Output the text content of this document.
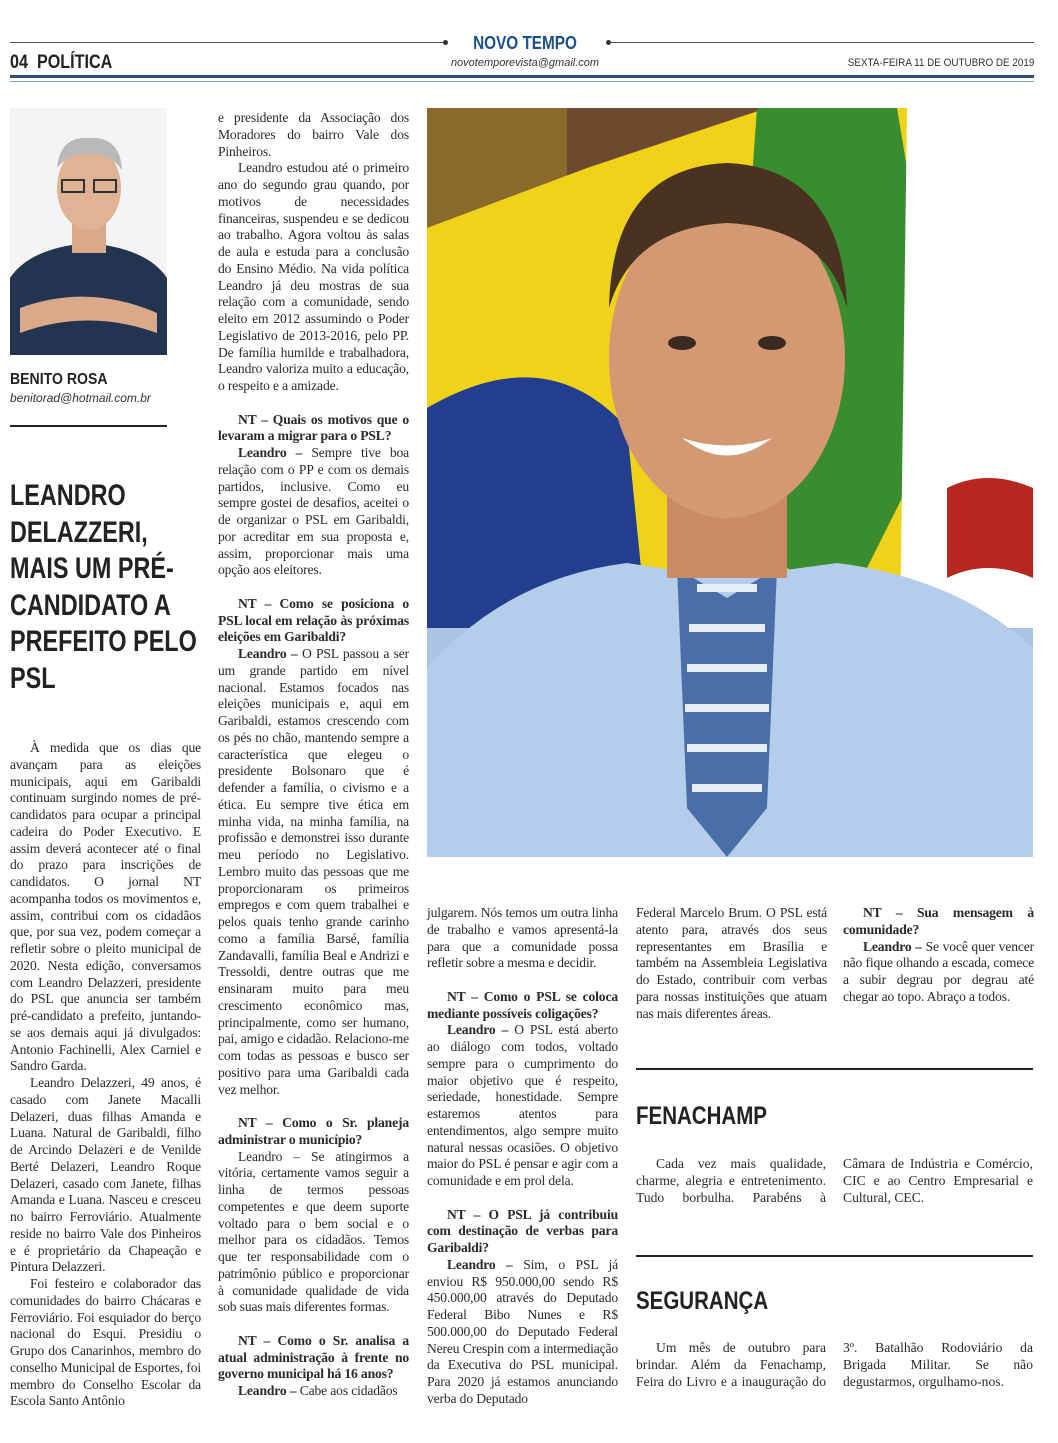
NOVO TEMPO
novotemporevista@gmail.com
04  POLÍTICA	SEXTA-FEIRA 11 DE OUTUBRO DE 2019
BENITO ROSA
benitorad@hotmail.com.br
LEANDRO DELAZZERI, MAIS UM PRÉ-CANDIDATO A PREFEITO PELO PSL

À medida que os dias que avançam para as eleições municipais, aqui em Garibaldi continuam surgindo nomes de pré-candidatos para ocupar a principal cadeira do Poder Executivo. E assim deverá acontecer até o final do prazo para inscrições de candidatos. O jornal NT acompanha todos os movimentos e, assim, contribui com os cidadãos que, por sua vez, podem começar a refletir sobre o pleito municipal de 2020. Nesta edição, conversamos com Leandro Delazzeri, presidente do PSL que anuncia ser também pré-candidato a prefeito, juntando-se aos demais aqui já divulgados: Antonio Fachinelli, Alex Carniel e Sandro Garda.

Leandro Delazzeri, 49 anos, é casado com Janete Macalli Delazeri, duas filhas Amanda e Luana. Natural de Garibaldi, filho de Arcindo Delazeri e de Venilde Berté Delazeri, Leandro Roque Delazeri, casado com Janete, filhas Amanda e Luana. Nasceu e cresceu no bairro Ferroviário. Atualmente reside no bairro Vale dos Pinheiros e é proprietário da Chapeação e Pintura Delazzeri.

Foi festeiro e colaborador das comunidades do bairro Chácaras e Ferroviário. Foi esquiador do berço nacional do Esqui. Presidiu o Grupo dos Canarinhos, membro do conselho Municipal de Esportes, foi membro do Conselho Escolar da Escola Santo Antônio

e presidente da Associação dos Moradores do bairro Vale dos Pinheiros.

Leandro estudou até o primeiro ano do segundo grau quando, por motivos de necessidades financeiras, suspendeu e se dedicou ao trabalho. Agora voltou às salas de aula e estuda para a conclusão do Ensino Médio. Na vida política Leandro já deu mostras de sua relação com a comunidade, sendo eleito em 2012 assumindo o Poder Legislativo de 2013-2016, pelo PP. De família humilde e trabalhadora, Leandro valoriza muito a educação, o respeito e a amizade.

NT – Quais os motivos que o levaram a migrar para o PSL?

Leandro – Sempre tive boa relação com o PP e com os demais partidos, inclusive. Como eu sempre gostei de desafios, aceitei o de organizar o PSL em Garibaldi, por acreditar em sua proposta e, assim, proporcionar mais uma opção aos eleitores.

NT – Como se posiciona o PSL local em relação às próximas eleições em Garibaldi?

Leandro – O PSL passou a ser um grande partido em nível nacional. Estamos focados nas eleições municipais e, aqui em Garibaldi, estamos crescendo com os pés no chão, mantendo sempre a característica que elegeu o presidente Bolsonaro que é defender a família, o civismo e a ética. Eu sempre tive ética em minha vida, na minha família, na profissão e demonstrei isso durante meu período no Legislativo. Lembro muito das pessoas que me proporcionaram os primeiros empregos e com quem trabalhei e pelos quais tenho grande carinho como a família Barsé, família Zandavalli, família Beal e Andrizi e Tressoldi, dentre outras que me ensinaram muito para meu crescimento econômico mas, principalmente, como ser humano, pai, amigo e cidadão. Relaciono-me com todas as pessoas e busco ser positivo para uma Garibaldi cada vez melhor.

NT – Como o Sr. planeja administrar o município?

Leandro – Se atingirmos a vitória, certamente vamos seguir a linha de termos pessoas competentes e que deem suporte voltado para o bem social e o melhor para os cidadãos. Temos que ter responsabilidade com o patrimônio público e proporcionar à comunidade qualidade de vida sob suas mais diferentes formas.

NT – Como o Sr. analisa a atual administração à frente no governo municipal há 16 anos?

Leandro – Cabe aos cidadãos

julgarem. Nós temos um outra linha de trabalho e vamos apresentá-la para que a comunidade possa refletir sobre a mesma e decidir.

NT – Como o PSL se coloca mediante possíveis coligações?

Leandro – O PSL está aberto ao diálogo com todos, voltado sempre para o cumprimento do maior objetivo que é respeito, seriedade, honestidade. Sempre estaremos atentos para entendimentos, algo sempre muito natural nessas ocasiões. O objetivo maior do PSL é pensar e agir com a comunidade e em prol dela.

NT – O PSL já contribuiu com destinação de verbas para Garibaldi?

Leandro – Sim, o PSL já enviou R$ 950.000,00 sendo R$ 450.000,00 através do Deputado Federal Bibo Nunes e R$ 500.000,00 do Deputado Federal Nereu Crespin com a intermediação da Executiva do PSL municipal. Para 2020 já estamos anunciando verba do Deputado

Federal Marcelo Brum. O PSL está atento para, através dos seus representantes em Brasília e também na Assembleia Legislativa do Estado, contribuir com verbas para nossas instituições que atuam nas mais diferentes áreas.

NT – Sua mensagem à comunidade?

Leandro – Se você quer vencer não fique olhando a escada, comece a subir degrau por degrau até chegar ao topo. Abraço a todos.

FENACHAMP

Cada vez mais qualidade, charme, alegria e entretenimento. Tudo borbulha. Parabéns à Câmara de Indústria e Comércio, CIC e ao Centro Empresarial e Cultural, CEC.

SEGURANÇA

Um mês de outubro para brindar. Além da Fenachamp, Feira do Livro e a inauguração do 3º. Batalhão Rodoviário da Brigada Militar. Se não degustarmos, orgulhamo-nos.
